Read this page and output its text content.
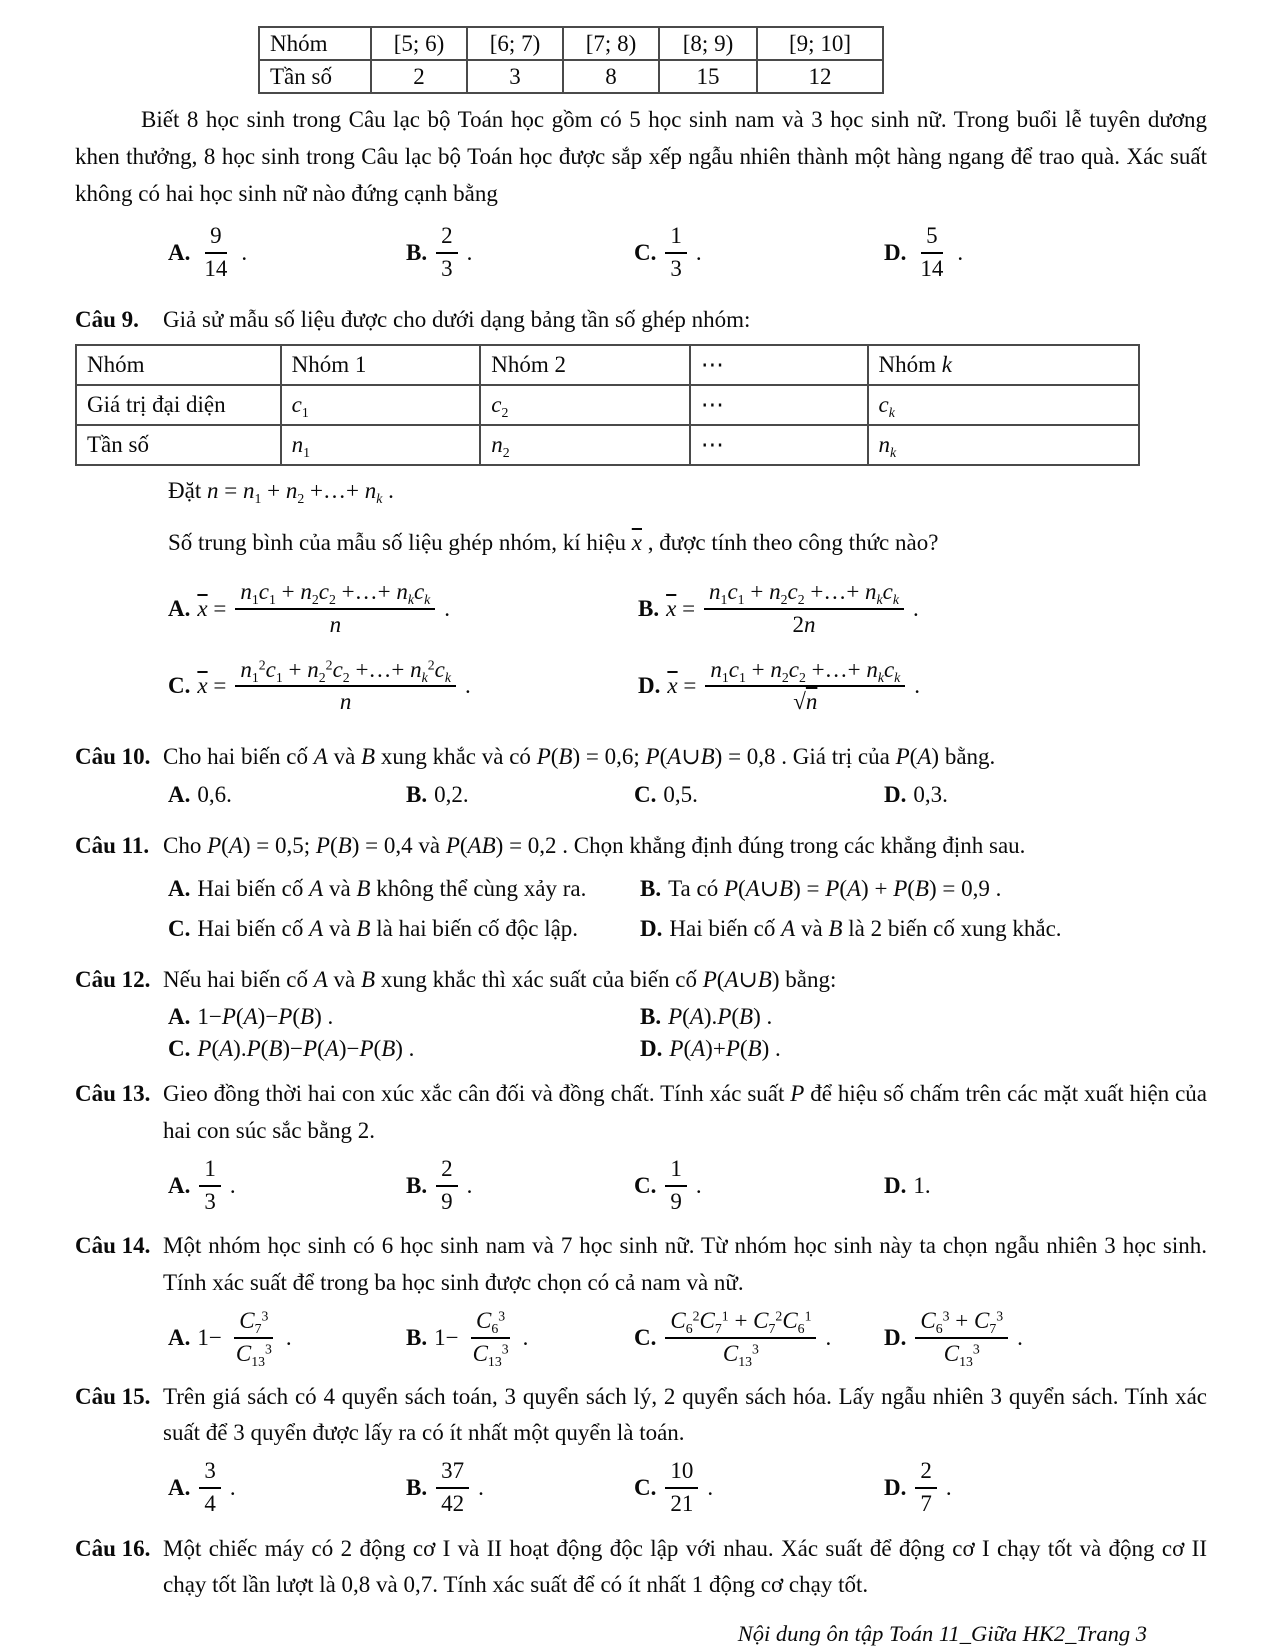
Nhóm	[5; 6)	[6; 7)	[7; 8)	[8; 9)	[9; 10]
Tần số	2	3	8	15	12

Biết 8 học sinh trong Câu lạc bộ Toán học gồm có 5 học sinh nam và 3 học sinh nữ. Trong buổi lễ tuyên dương khen thưởng, 8 học sinh trong Câu lạc bộ Toán học được sắp xếp ngẫu nhiên thành một hàng ngang để trao quà. Xác suất không có hai học sinh nữ nào đứng cạnh bằng

A. $\frac{9}{14}$ .	B. $\frac{2}{3}$ .	C. $\frac{1}{3}$ .	D. $\frac{5}{14}$ .
Câu 9.	Giả sử mẫu số liệu được cho dưới dạng bảng tần số ghép nhóm:
Nhóm	Nhóm 1	Nhóm 2	⋯	Nhóm k
Giá trị đại diện	$c_1$	$c_2$	⋯	$c_k$
Tần số	$n_1$	$n_2$	⋯	$n_k$

Đặt $n = n_1 + n_2$ +…+ $n_k$ .

Số trung bình của mẫu số liệu ghép nhóm, kí hiệu $\overline{x}$ , được tính theo công thức nào?

A. $\overline{x} = \frac{n_1c_1 + n_2c_2 +\dots+ n_kc_k}{n}$ .	B. $\overline{x} = \frac{n_1c_1 + n_2c_2 +\dots+ n_kc_k}{2n}$ .
C. $\overline{x} = \frac{n_1^2c_1 + n_2^2c_2 +\dots+ n_k^2c_k}{n}$ .	D. $\overline{x} = \frac{n_1c_1 + n_2c_2 +\dots+ n_kc_k}{√n}$ .
Câu 10. Cho hai biến cố A và B xung khắc và có P(B) = 0,6; P(A∪B) = 0,8 . Giá trị của P(A) bằng.
A. 0,6.	B. 0,2.	C. 0,5.	D. 0,3.
Câu 11. Cho P(A) = 0,5; P(B) = 0,4 và P(AB) = 0,2 . Chọn khẳng định đúng trong các khẳng định sau.
A. Hai biến cố A và B không thể cùng xảy ra. B. Ta có P(A∪B) = P(A) + P(B) = 0,9 .
C. Hai biến cố A và B là hai biến cố độc lập.	D. Hai biến cố A và B là 2 biến cố xung khắc.
Câu 12. Nếu hai biến cố A và B xung khắc thì xác suất của biến cố P(A∪B) bằng:
A. 1−P(A)−P(B) .	B. P(A).P(B) .
C. P(A).P(B)−P(A)−P(B) .	D. P(A)+P(B) .
Câu 13. Gieo đồng thời hai con xúc xắc cân đối và đồng chất. Tính xác suất P để hiệu số chấm trên các mặt xuất hiện của hai con súc sắc bằng 2.
A. $\frac{1}{3}$ .	B. $\frac{2}{9}$ .	C. $\frac{1}{9}$ .	D. 1.
Câu 14. Một nhóm học sinh có 6 học sinh nam và 7 học sinh nữ. Từ nhóm học sinh này ta chọn ngẫu nhiên 3 học sinh. Tính xác suất để trong ba học sinh được chọn có cả nam và nữ.
A. $1- \frac{C_7^3}{C_{13}^3}$ .	B. $1- \frac{C_6^3}{C_{13}^3}$ .	C. $\frac{C_6^2C_7^1 + C_7^2C_6^1}{C_{13}^3}$ . D. $\frac{C_6^3 + C_7^3}{C_{13}^3}$ .
Câu 15. Trên giá sách có 4 quyển sách toán, 3 quyển sách lý, 2 quyển sách hóa. Lấy ngẫu nhiên 3 quyển sách. Tính xác suất để 3 quyển được lấy ra có ít nhất một quyển là toán.
A. $\frac{3}{4}$ .	B. $\frac{37}{42}$ .	C. $\frac{10}{21}$ .	D. $\frac{2}{7}$ .
Câu 16. Một chiếc máy có 2 động cơ I và II hoạt động độc lập với nhau. Xác suất để động cơ I chạy tốt và động cơ II chạy tốt lần lượt là 0,8 và 0,7. Tính xác suất để có ít nhất 1 động cơ chạy tốt.
Nội dung ôn tập Toán 11_Giữa HK2_Trang 3
